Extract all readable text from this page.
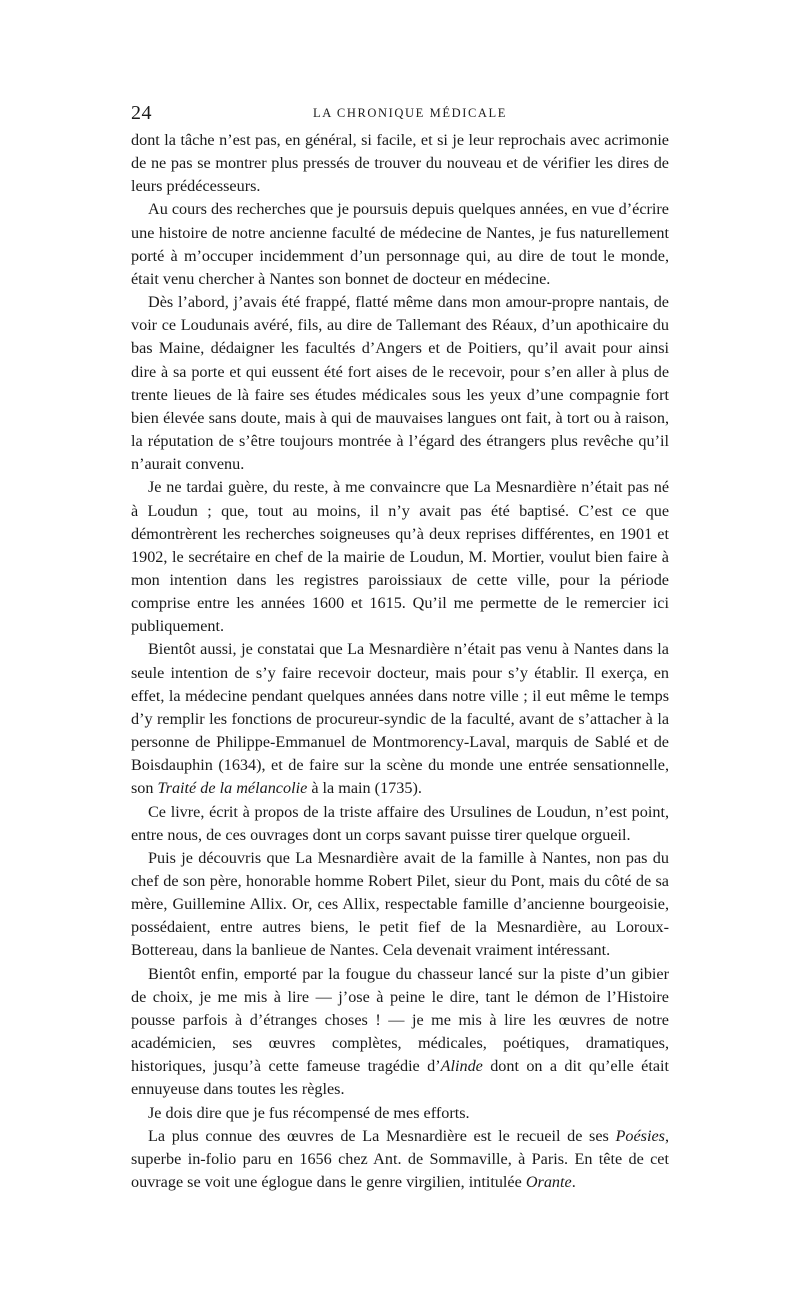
24	LA CHRONIQUE MÉDICALE

dont la tâche n’est pas, en général, si facile, et si je leur reprochais avec acrimonie de ne pas se montrer plus pressés de trouver du nouveau et de vérifier les dires de leurs prédécesseurs.

Au cours des recherches que je poursuis depuis quelques années, en vue d’écrire une histoire de notre ancienne faculté de médecine de Nantes, je fus naturellement porté à m’occuper incidemment d’un personnage qui, au dire de tout le monde, était venu chercher à Nantes son bonnet de docteur en médecine.

Dès l’abord, j’avais été frappé, flatté même dans mon amour-propre nantais, de voir ce Loudunais avéré, fils, au dire de Tallemant des Réaux, d’un apothicaire du bas Maine, dédaigner les facultés d’Angers et de Poitiers, qu’il avait pour ainsi dire à sa porte et qui eussent été fort aises de le recevoir, pour s’en aller à plus de trente lieues de là faire ses études médicales sous les yeux d’une compagnie fort bien élevée sans doute, mais à qui de mauvaises langues ont fait, à tort ou à raison, la réputation de s’être toujours montrée à l’égard des étrangers plus revêche qu’il n’aurait convenu.

Je ne tardai guère, du reste, à me convaincre que La Mesnardière n’était pas né à Loudun ; que, tout au moins, il n’y avait pas été baptisé. C’est ce que démontrèrent les recherches soigneuses qu’à deux reprises différentes, en 1901 et 1902, le secrétaire en chef de la mairie de Loudun, M. Mortier, voulut bien faire à mon intention dans les registres paroissiaux de cette ville, pour la période comprise entre les années 1600 et 1615. Qu’il me permette de le remercier ici publiquement.

Bientôt aussi, je constatai que La Mesnardière n’était pas venu à Nantes dans la seule intention de s’y faire recevoir docteur, mais pour s’y établir. Il exerça, en effet, la médecine pendant quelques années dans notre ville ; il eut même le temps d’y remplir les fonctions de procureur-syndic de la faculté, avant de s’attacher à la personne de Philippe-Emmanuel de Montmorency-Laval, marquis de Sablé et de Boisdauphin (1634), et de faire sur la scène du monde une entrée sensationnelle, son Traité de la mélancolie à la main (1735).

Ce livre, écrit à propos de la triste affaire des Ursulines de Loudun, n’est point, entre nous, de ces ouvrages dont un corps savant puisse tirer quelque orgueil.

Puis je découvris que La Mesnardière avait de la famille à Nantes, non pas du chef de son père, honorable homme Robert Pilet, sieur du Pont, mais du côté de sa mère, Guillemine Allix. Or, ces Allix, respectable famille d’ancienne bourgeoisie, possédaient, entre autres biens, le petit fief de la Mesnardière, au Loroux-Bottereau, dans la banlieue de Nantes. Cela devenait vraiment intéressant.

Bientôt enfin, emporté par la fougue du chasseur lancé sur la piste d’un gibier de choix, je me mis à lire — j’ose à peine le dire, tant le démon de l’Histoire pousse parfois à d’étranges choses ! — je me mis à lire les œuvres de notre académicien, ses œuvres complètes, médicales, poétiques, dramatiques, historiques, jusqu’à cette fameuse tragédie d’Alinde dont on a dit qu’elle était ennuyeuse dans toutes les règles.

Je dois dire que je fus récompensé de mes efforts.

La plus connue des œuvres de La Mesnardière est le recueil de ses Poésies, superbe in-folio paru en 1656 chez Ant. de Sommaville, à Paris. En tête de cet ouvrage se voit une églogue dans le genre virgilien, intitulée Orante.
